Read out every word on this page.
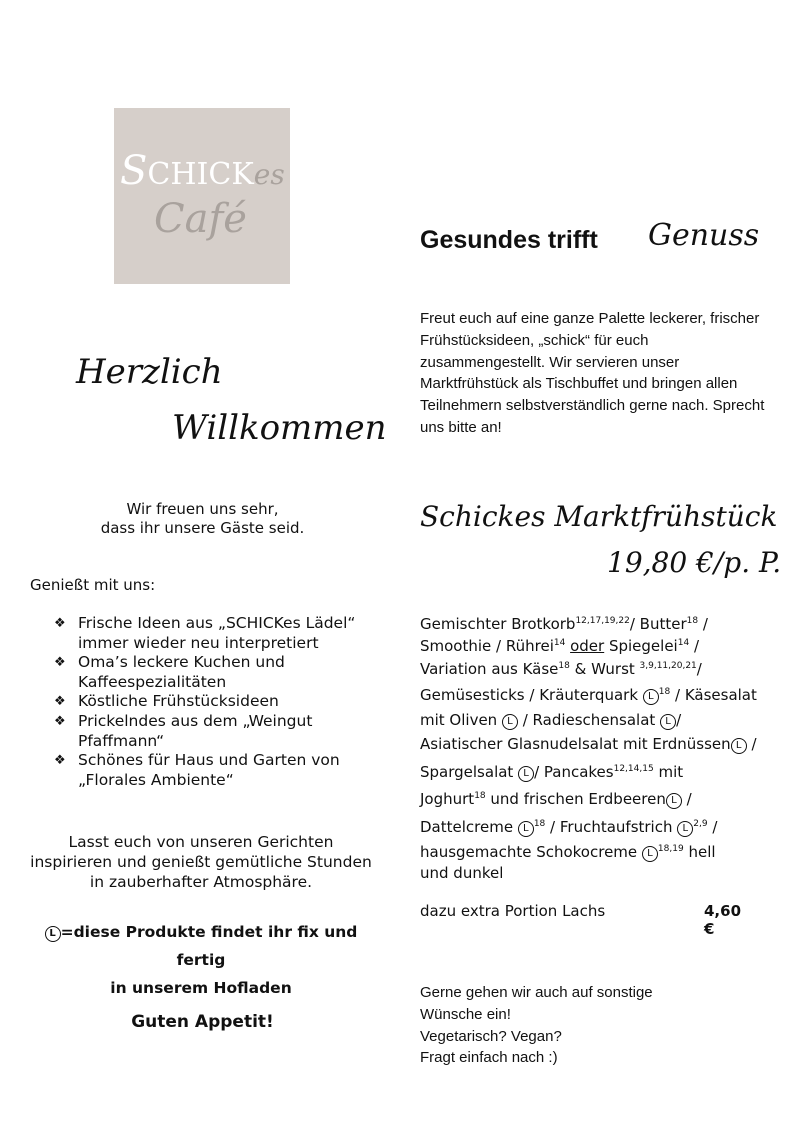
SCHICKes
Café
Herzlich
Willkommen
Wir freuen uns sehr,
dass ihr unsere Gäste seid.
Genießt mit uns:
❖ Frische Ideen aus „SCHICKes Lädel“
immer wieder neu interpretiert
❖ Oma’s leckere Kuchen und
Kaffeespezialitäten
❖ Köstliche Frühstücksideen
❖ Prickelndes aus dem „Weingut
Pfaffmann“
❖ Schönes für Haus und Garten von
„Florales Ambiente“
Lasst euch von unseren Gerichten
inspirieren und genießt gemütliche Stunden
in zauberhafter Atmosphäre.
L =diese Produkte findet ihr fix und fertig
in unserem Hofladen
Guten Appetit!
Gesundes trifft Genuss
Freut euch auf eine ganze Palette leckerer, frischer
Frühstücksideen, „schick“ für euch
zusammengestellt. Wir servieren unser
Marktfrühstück als Tischbuffet und bringen allen
Teilnehmern selbstverständlich gerne nach. Sprecht
uns bitte an!
Schickes Marktfrühstück
19,80 €/p. P.
Gemischter Brotkorb$^{12,17,19,22}$/ Butter$^{18}$ /
Smoothie / Rührei$^{14}$ oder Spiegelei$^{14}$ /
Variation aus Käse$^{18}$ & Wurst $^{3,9,11,20,21}$/
Gemüsesticks / Kräuterquark L $^{18}$ / Käsesalat
mit Oliven L / Radieschensalat L /
Asiatischer Glasnudelsalat mit Erdnüssen L /
Spargelsalat L / Pancakes$^{12,14,15}$ mit
Joghurt$^{18}$ und frischen Erdbeeren L /
Dattelcreme L $^{18}$ / Fruchtaufstrich L $^{2,9}$ /
hausgemachte Schokocreme L $^{18,19}$ hell
und dunkel
dazu extra Portion Lachs	4,60 €
Gerne gehen wir auch auf sonstige
Wünsche ein!
Vegetarisch? Vegan?
Fragt einfach nach :)
